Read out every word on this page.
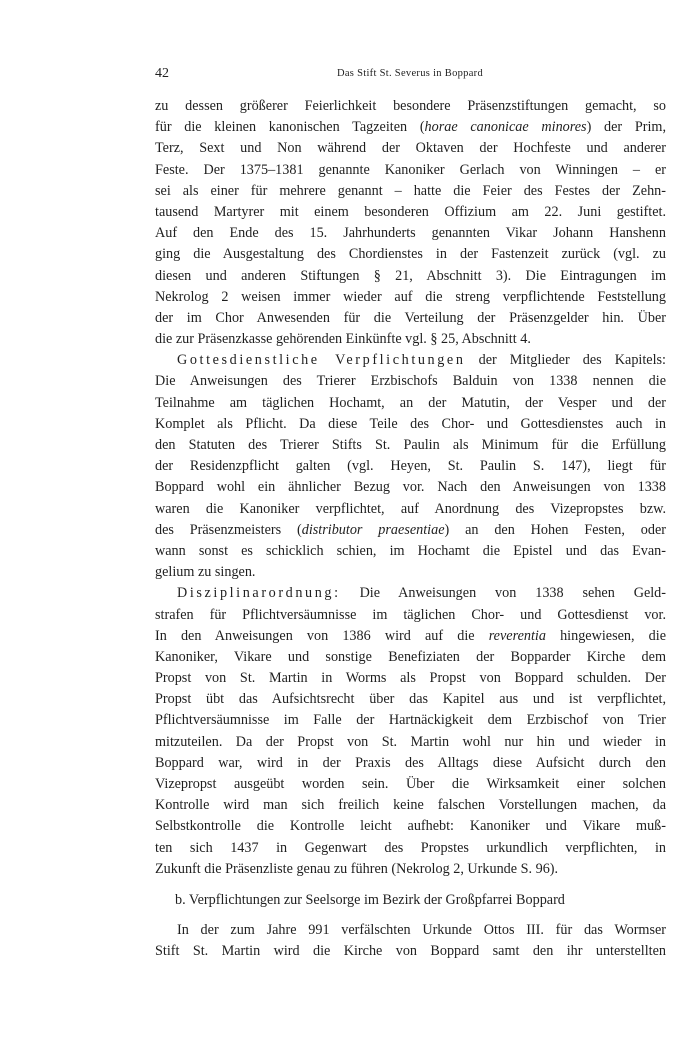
42	Das Stift St. Severus in Boppard
zu dessen größerer Feierlichkeit besondere Präsenzstiftungen gemacht, so
für die kleinen kanonischen Tagzeiten (horae canonicae minores) der Prim,
Terz, Sext und Non während der Oktaven der Hochfeste und anderer
Feste. Der 1375–1381 genannte Kanoniker Gerlach von Winningen – er
sei als einer für mehrere genannt – hatte die Feier des Festes der Zehn-
tausend Martyrer mit einem besonderen Offizium am 22. Juni gestiftet.
Auf den Ende des 15. Jahrhunderts genannten Vikar Johann Hanshenn
ging die Ausgestaltung des Chordienstes in der Fastenzeit zurück (vgl. zu
diesen und anderen Stiftungen § 21, Abschnitt 3). Die Eintragungen im
Nekrolog 2 weisen immer wieder auf die streng verpflichtende Feststellung
der im Chor Anwesenden für die Verteilung der Präsenzgelder hin. Über
die zur Präsenzkasse gehörenden Einkünfte vgl. § 25, Abschnitt 4.
Gottesdienstliche Verpflichtungen der Mitglieder des Kapitels:
Die Anweisungen des Trierer Erzbischofs Balduin von 1338 nennen die
Teilnahme am täglichen Hochamt, an der Matutin, der Vesper und der
Komplet als Pflicht. Da diese Teile des Chor- und Gottesdienstes auch in
den Statuten des Trierer Stifts St. Paulin als Minimum für die Erfüllung
der Residenzpflicht galten (vgl. Heyen, St. Paulin S. 147), liegt für
Boppard wohl ein ähnlicher Bezug vor. Nach den Anweisungen von 1338
waren die Kanoniker verpflichtet, auf Anordnung des Vizepropstes bzw.
des Präsenzmeisters (distributor praesentiae) an den Hohen Festen, oder
wann sonst es schicklich schien, im Hochamt die Epistel und das Evan-
gelium zu singen.
Disziplinarordnung: Die Anweisungen von 1338 sehen Geld-
strafen für Pflichtversäumnisse im täglichen Chor- und Gottesdienst vor.
In den Anweisungen von 1386 wird auf die reverentia hingewiesen, die
Kanoniker, Vikare und sonstige Benefiziaten der Bopparder Kirche dem
Propst von St. Martin in Worms als Propst von Boppard schulden. Der
Propst übt das Aufsichtsrecht über das Kapitel aus und ist verpflichtet,
Pflichtversäumnisse im Falle der Hartnäckigkeit dem Erzbischof von Trier
mitzuteilen. Da der Propst von St. Martin wohl nur hin und wieder in
Boppard war, wird in der Praxis des Alltags diese Aufsicht durch den
Vizepropst ausgeübt worden sein. Über die Wirksamkeit einer solchen
Kontrolle wird man sich freilich keine falschen Vorstellungen machen, da
Selbstkontrolle die Kontrolle leicht aufhebt: Kanoniker und Vikare muß-
ten sich 1437 in Gegenwart des Propstes urkundlich verpflichten, in
Zukunft die Präsenzliste genau zu führen (Nekrolog 2, Urkunde S. 96).
b. Verpflichtungen zur Seelsorge im Bezirk der Großpfarrei Boppard
In der zum Jahre 991 verfälschten Urkunde Ottos III. für das Wormser
Stift St. Martin wird die Kirche von Boppard samt den ihr unterstellten
